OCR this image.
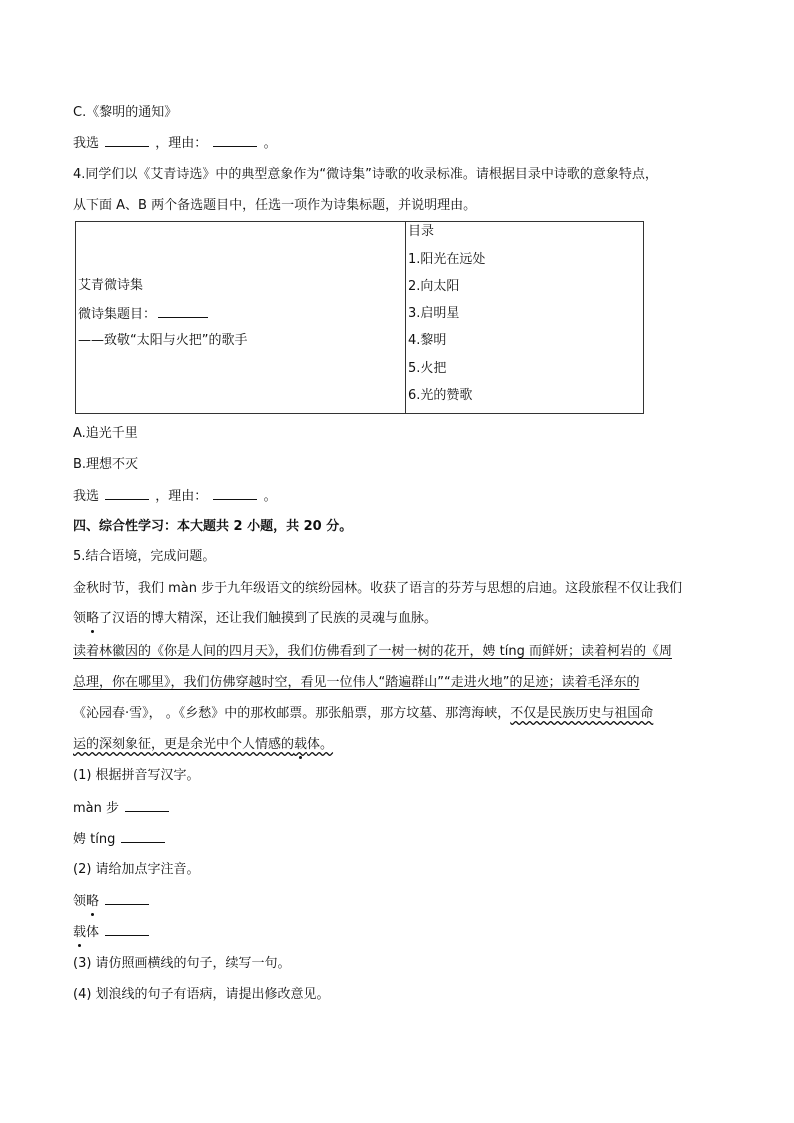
C.《黎明的通知》
我选	，理由：	。
4.同学们以《艾青诗选》中的典型意象作为“微诗集”诗歌的收录标准。请根据目录中诗歌的意象特点，
从下面 A、B 两个备选题目中，任选一项作为诗集标题，并说明理由。
艾青微诗集
微诗集题目：
——致敬“太阳与火把”的歌手

目录
1.阳光在远处
2.向太阳
3.启明星
4.黎明
5.火把
6.光的赞歌
A.追光千里
B.理想不灭
我选	，理由：	。
四、综合性学习：本大题共 2 小题，共 20 分。
5.结合语境，完成问题。
金秋时节，我们 màn 步于九年级语文的缤纷园林。收获了语言的芬芳与思想的启迪。这段旅程不仅让我们
领略了汉语的博大精深，还让我们触摸到了民族的灵魂与血脉。
读着林徽因的《你是人间的四月天》，我们仿佛看到了一树一树的花开，娉 tíng 而鲜妍；读着柯岩的《周
总理，你在哪里》，我们仿佛穿越时空，看见一位伟人“踏遍群山”“走进火地”的足迹；读着毛泽东的
《沁园春·雪》， 。《乡愁》中的那枚邮票。那张船票，那方坟墓、那湾海峡，不仅是民族历史与祖国命
运的深刻象征，更是余光中个人情感的载体。
(1) 根据拼音写汉字。
màn 步
娉 tíng
(2) 请给加点字注音。
领略
载体
(3) 请仿照画横线的句子，续写一句。
(4) 划浪线的句子有语病，请提出修改意见。
